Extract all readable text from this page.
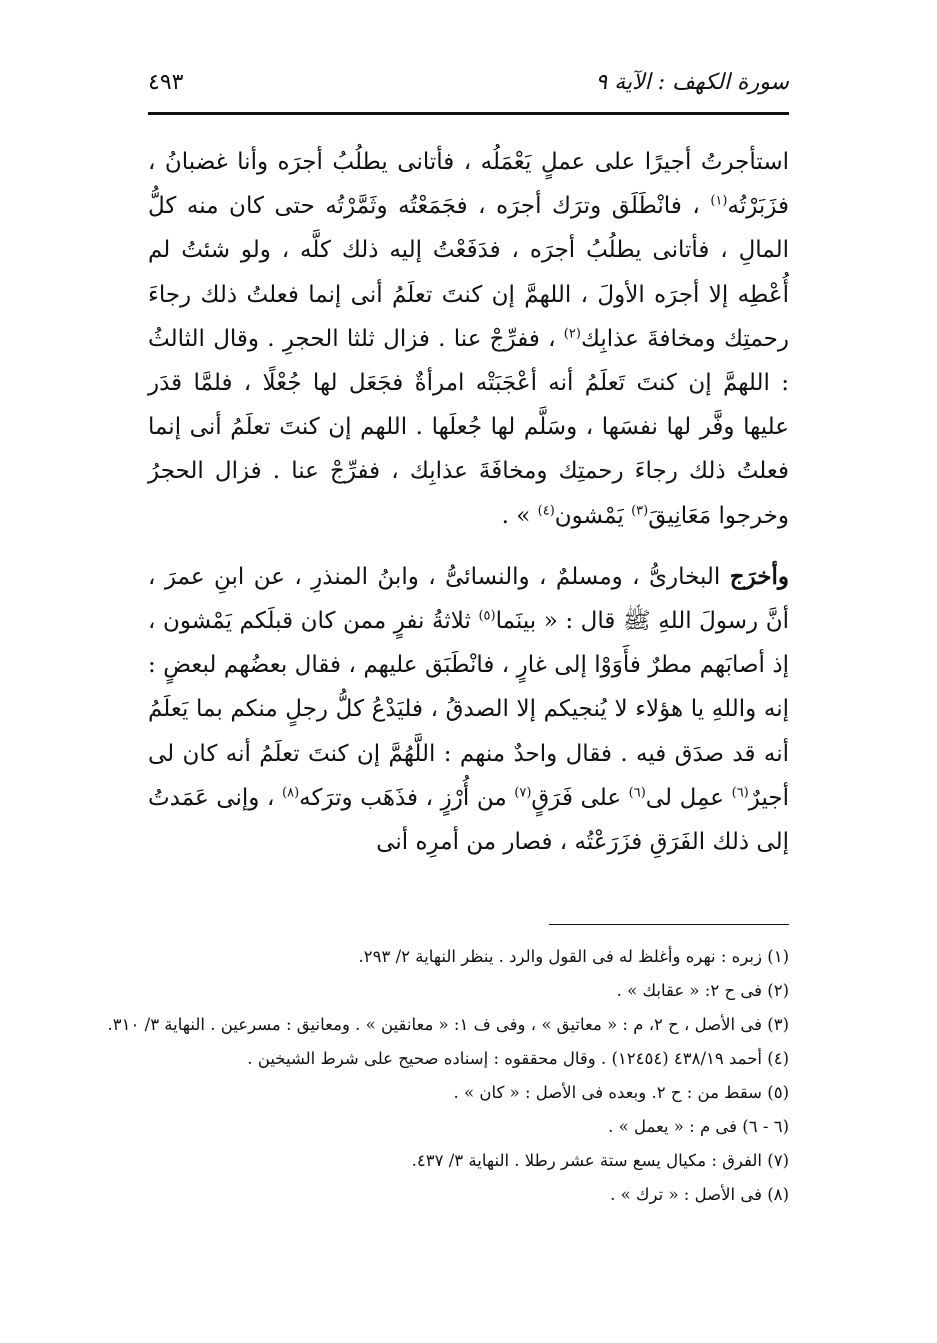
سورة الكهف : الآية ٩
٤٩٣

استأجرتُ أجيرًا على عملٍ يَعْمَلُه ، فأتانى يطلُبُ أجرَه وأنا غضبانُ ، فزَبَرْتُه$^{(١)}$ ، فانْطَلَق وترَك أجرَه ، فجَمَعْتُه وثَمَّرْتُه حتى كان منه كلُّ المالِ ، فأتانى يطلُبُ أجرَه ، فدَفَعْتُ إليه ذلك كلَّه ، ولو شئتُ لم أُعْطِه إلا أجرَه الأولَ ، اللهمَّ إن كنتَ تعلَمُ أنى إنما فعلتُ ذلك رجاءَ رحمتِك ومخافةَ عذابِك$^{(٢)}$ ، ففرِّجْ عنا . فزال ثلثا الحجرِ . وقال الثالثُ : اللهمَّ إن كنتَ تَعلَمُ أنه أعْجَبَتْه امرأةٌ فجَعَل لها جُعْلًا ، فلمَّا قدَر عليها وفَّر لها نفسَها ، وسَلَّم لها جُعلَها . اللهم إن كنتَ تعلَمُ أنى إنما فعلتُ ذلك رجاءَ رحمتِك ومخافَةَ عذابِك ، ففرِّجْ عنا . فزال الحجرُ وخرجوا مَعَانِيقَ$^{(٣)}$ يَمْشون$^{(٤)}$ » .

وأخرَج البخارىُّ ، ومسلمٌ ، والنسائىُّ ، وابنُ المنذرِ ، عن ابنِ عمرَ ، أنَّ رسولَ اللهِ ﷺ قال : « بينَما$^{(٥)}$ ثلاثةُ نفرٍ ممن كان قبلَكم يَمْشون ، إذ أصابَهم مطرٌ فأَوَوْا إلى غارٍ ، فانْطَبَق عليهم ، فقال بعضُهم لبعضٍ : إنه واللهِ يا هؤلاء لا يُنجيكم إلا الصدقُ ، فليَدْعُ كلُّ رجلٍ منكم بما يَعلَمُ أنه قد صدَق فيه . فقال واحدٌ منهم : اللَّهُمَّ إن كنتَ تعلَمُ أنه كان لى أجيرٌ$^{(٦)}$ عمِل لى$^{(٦)}$ على فَرَقٍ$^{(٧)}$ من أُرْزٍ ، فذَهَب وترَكه$^{(٨)}$ ، وإنى عَمَدتُ إلى ذلك الفَرَقِ فزَرَعْتُه ، فصار من أمرِه أنى

(١) زبره : نهره وأغلظ له فى القول والرد . ينظر النهاية ٢/ ٢٩٣.
(٢) فى ح ٢: « عقابك » .
(٣) فى الأصل ، ح ٢، م : « معاتيق » ، وفى ف ١: « معانقين » . ومعانيق : مسرعين . النهاية ٣/ ٣١٠.
(٤) أحمد ٤٣٨/١٩ (١٢٤٥٤) . وقال محققوه : إسناده صحيح على شرط الشيخين .
(٥) سقط من : ح ٢. وبعده فى الأصل : « كان » .
(٦ - ٦) فى م : « يعمل » .
(٧) الفرق : مكيال يسع ستة عشر رطلا . النهاية ٣/ ٤٣٧.
(٨) فى الأصل : « ترك » .
